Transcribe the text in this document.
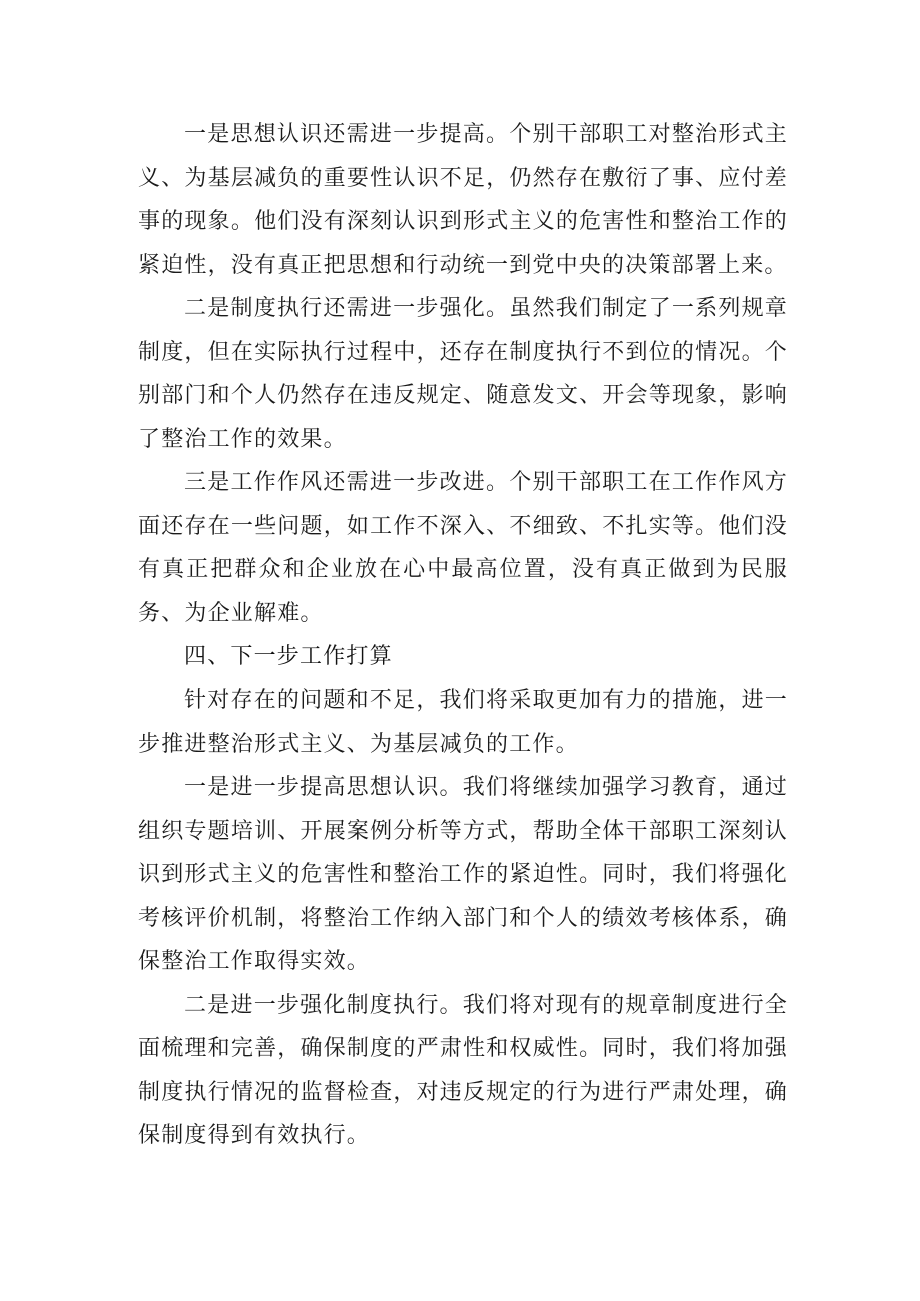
一是思想认识还需进一步提高。个别干部职工对整治形式主义、为基层减负的重要性认识不足，仍然存在敷衍了事、应付差事的现象。他们没有深刻认识到形式主义的危害性和整治工作的紧迫性，没有真正把思想和行动统一到党中央的决策部署上来。

二是制度执行还需进一步强化。虽然我们制定了一系列规章制度，但在实际执行过程中，还存在制度执行不到位的情况。个别部门和个人仍然存在违反规定、随意发文、开会等现象，影响了整治工作的效果。

三是工作作风还需进一步改进。个别干部职工在工作作风方面还存在一些问题，如工作不深入、不细致、不扎实等。他们没有真正把群众和企业放在心中最高位置，没有真正做到为民服务、为企业解难。

四、下一步工作打算

针对存在的问题和不足，我们将采取更加有力的措施，进一步推进整治形式主义、为基层减负的工作。

一是进一步提高思想认识。我们将继续加强学习教育，通过组织专题培训、开展案例分析等方式，帮助全体干部职工深刻认识到形式主义的危害性和整治工作的紧迫性。同时，我们将强化考核评价机制，将整治工作纳入部门和个人的绩效考核体系，确保整治工作取得实效。

二是进一步强化制度执行。我们将对现有的规章制度进行全面梳理和完善，确保制度的严肃性和权威性。同时，我们将加强制度执行情况的监督检查，对违反规定的行为进行严肃处理，确保制度得到有效执行。
